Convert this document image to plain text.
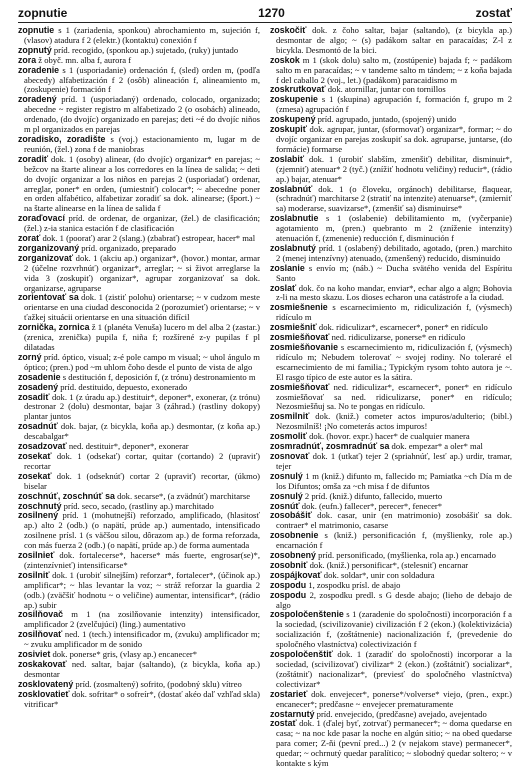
zopnutie	1270	zostať

zopnutie s 1 (zariadenia, sponkou) abrochamiento m, sujeción f, (vlasov) atadura f 2 (elektr.) (kontaktu) conexión f

zopnutý príd. recogido, (sponkou ap.) sujetado, (ruky) juntado

zora ž obyč. mn. alba f, aurora f

zoradenie s 1 (usporiadanie) ordenación f, (sled) orden m, (podľa abecedy) alfabetización f 2 (osôb) alineación f, alineamiento m, (zoskupenie) formación f

zoradený príd. 1 (usporiadaný) ordenado, colocado, organizado; abecedne ~ register registro m alfabetizado 2 (o osobách) alineado, ordenado, (do dvojíc) organizado en parejas; deti ~é do dvojíc niños m pl organizados en parejas

zoradisko, zoradište s (voj.) estacionamiento m, lugar m de reunión, (žel.) zona f de maniobras

zoradiť dok. 1 (osoby) alinear, (do dvojíc) organizar* en parejas; ~ bežcov na štarte alinear a los corredores en la línea de salida; ~ deti do dvojíc organizar a los niños en parejas 2 (usporiadať) ordenar, arreglar, poner* en orden, (umiestniť) colocar*; ~ abecedne poner en orden alfabético, alfabetizar zoradiť sa dok. alinearse; (šport.) ~ na štarte alinearse en la línea de salida f

zoraďovací príd. de ordenar, de organizar, (žel.) de clasificación; (žel.) z-ia stanica estación f de clasificación

zorať dok. 1 (poorať) arar 2 (slang.) (zbabrať) estropear, hacer* mal

zorganizovaný príd. organizado, preparado

zorganizovať dok. 1 (akciu ap.) organizar*, (hovor.) montar, armar 2 (účelne rozvrhnúť) organizar*, arreglar; ~ si život arreglarse la vida 3 (zoskupiť) organizar*, agrupar zorganizovať sa dok. organizarse, agruparse

zorientovať sa dok. 1 (zistiť polohu) orientarse; ~ v cudzom meste orientarse en una ciudad desconocida 2 (porozumieť) orientarse; ~ v ťažkej situácii orientarse en una situación difícil

zornička, zornica ž 1 (planéta Venuša) lucero m del alba 2 (zastar.) (zrenica, zrenička) pupila f, niña f; rozšírené z-y pupilas f pl dilatadas

zorný príd. óptico, visual; z-é pole campo m visual; ~ uhol ángulo m óptico; (pren.) pod ~m uhlom čoho desde el punto de vista de algo

zosadenie s destitución f, deposición f, (z trónu) destronamiento m

zosadený príd. destituido, depuesto, exonerado

zosadiť dok. 1 (z úradu ap.) destituir*, deponer*, exonerar, (z trónu) destronar 2 (dolu) desmontar, bajar 3 (záhrad.) (rastliny dokopy) plantar juntos

zosadnúť dok. bajar, (z bicykla, koňa ap.) desmontar, (z koňa ap.) descabalgar*

zosadzovať ned. destituir*, deponer*, exonerar

zosekať dok. 1 (odsekať) cortar, quitar (cortando) 2 (upraviť) recortar

zosekať dok. 1 (odseknúť) cortar 2 (upraviť) recortar, (úkmo) biselar

zoschnúť, zoschnúť sa dok. secarse*, (a zvädnúť) marchitarse

zoschnutý príd. seco, secado, (rastliny ap.) marchitado

zosilnený príd. 1 (mohutnejší) reforzado, amplificado, (hlasitosť ap.) alto 2 (odb.) (o napätí, prúde ap.) aumentado, intensificado zosilnene prísl. 1 (s väčšou silou, dôrazom ap.) de forma reforzada, con más fuerza 2 (odb.) (o napätí, prúde ap.) de forma aumentada

zosilnieť dok. fortalecerse*, hacerse* más fuerte, engrosar(se)*, (zintenzívnieť) intensificarse*

zosilniť dok. 1 (urobiť silnejším) reforzar*, fortalecer*, (účinok ap.) amplificar*; ~ hlas levantar la voz; ~ stráž reforzar la guardia 2 (odb.) (zväčšiť hodnotu ~ o veličine) aumentar, intensificar*, (rádio ap.) subir

zosilňovač m 1 (na zosilňovanie intenzity) intensificador, amplificador 2 (zvelčujúci) (ling.) aumentativo

zosilňovať ned. 1 (tech.) intensificador m, (zvuku) amplificador m; ~ zvuku amplificador m de sonido

zosiviet dok. ponerse* gris, (vlasy ap.) encanecer*

zoskakovať ned. saltar, bajar (saltando), (z bicykla, koňa ap.) desmontar

zosklovatený príd. (zosmaltený) sofrito, (podobný sklu) vítreo

zosklovatieť dok. sofritar* o sofreír*, (dostať akéo daľ vzhľad skla) vitrificar*

zoskočiť dok. z čoho saltar, bajar (saltando), (z bicykla ap.) desmontar de algo; ~ (s) padákom saltar en paracaídas; Z-l z bicykla. Desmontó de la bici.

zoskok m 1 (skok dolu) salto m, (zostúpenie) bajada f; ~ padákom salto m en paracaídas; ~ v tandeme salto m tándem; ~ z koňa bajada f del caballo 2 (voj., let.) (padákom) paracaidismo m

zoskrutkovať dok. atornillar, juntar con tornillos

zoskupenie s 1 (skupina) agrupación f, formación f, grupo m 2 (zmesa) agrupación f

zoskupený príd. agrupado, juntado, (spojený) unido

zoskupiť dok. agrupar, juntar, (sformovať) organizar*, formar; ~ do dvojíc organizar en parejas zoskupiť sa dok. agruparse, juntarse, (do formácie) formarse

zoslabiť dok. 1 (urobiť slabším, zmenšiť) debilitar, disminuir*, (zjemniť) atenuar* 2 (tyč.) (znížiť hodnotu veličiny) reducir*, (rádio ap.) bajar, atenuar*

zoslabnúť dok. 1 (o človeku, orgánoch) debilitarse, flaquear, (schradnúť) marchitarse 2 (stratiť na intenzite) atenuarse*, (zmierniť sa) moderarse, suavizarse*, (zmenšiť sa) disminuirse*

zoslabnutie s 1 (oslabenie) debilitamiento m, (vyčerpanie) agotamiento m, (pren.) quebranto m 2 (zníženie intenzity) atenuación f, (zmenenie) reducción f, disminución f

zoslabnutý príd. 1 (oslabený) debilitado, agotado, (pren.) marchito 2 (menej intenzívny) atenuado, (zmenšený) reducido, disminuido

zoslanie s envío m; (náb.) ~ Ducha svätého venida del Espíritu Santo

zoslať dok. čo na koho mandar, enviar*, echar algo a algn; Bohovia z-li na mesto skazu. Los dioses echaron una catástrofe a la ciudad.

zosmiešnenie s escarnecimiento m, ridiculización f, (výsmech) ridículo m

zosmiešniť dok. ridiculizar*, escarnecer*, poner* en ridículo

zosmiešňovať ned. ridiculizarse, ponerse* en ridículo

zosmiešňovanie s escarnecimiento m, ridiculización f, (výsmech) ridículo m; Nebudem tolerovať ~ svojej rodiny. No toleraré el escarnecimiento de mi familia.; Typickým rysom tohto autora je ~. El rasgo típico de este autor es la sátira.

zosmiešňovať ned. ridiculizar*, escarnecer*, poner* en ridículo zosmiešňovať sa ned. ridiculizarse, poner* en ridículo; Nezosmiešňuj sa. No te pongas en ridículo.

zosmilniť dok. (kniž.) cometer actos impuros/adulterio; (bibl.) Nezosmilníš! ¡No cometerás actos impuros!

zosmoliť dok. (hovor. expr.) hacer* de cualquier manera

zosmradnúť, zosmradnúť sa dok. empezar* a oler* mal

zosnovať dok. 1 (utkať) tejer 2 (spriahnúť, lesť ap.) urdir, tramar, tejer

zosnulý 1 m (kniž.) difunto m, fallecido m; Pamiatka ~ch Día m de los Difuntos; omša za ~ch misa f de difuntos

zosnulý 2 príd. (kniž.) difunto, fallecido, muerto

zosnúť dok. (eufn.) fallecer*, perecer*, fenecer*

zosobášiť dok. casar, unir (en matrimonio) zosobášiť sa dok. contraer* el matrimonio, casarse

zosobnenie s (kniž.) personificación f, (myšlienky, role ap.) encarnación f

zosobnený príd. personificado, (myšlienka, rola ap.) encarnado

zosobniť dok. (kniž.) personificar*, (stelesniť) encarnar

zospájkovať dok. soldar*, unir con soldadura

zospodu 1, zospodku prísl. de abajo

zospodu 2, zospodku predl. s G desde abajo; (lieho de debajo de algo

zospoločenštenie s 1 (zaradenie do spoločnosti) incorporación f a la sociedad, (scivilizovanie) civilización f 2 (ekon.) (kolektivizácia) socialización f, (zoštátnenie) nacionalización f, (prevedenie do spoločného vlastníctva) colectivización f

zospoločenštiť dok. 1 (zaradiť do spoločnosti) incorporar a la sociedad, (scivilizovať) civilizar* 2 (ekon.) (zoštátniť) socializar*, (zoštátniť) nacionalizar*, (previesť do spoločného vlastníctva) colectivizar*

zostarieť dok. envejecer*, ponerse*/volverse* viejo, (pren., expr.) encanecer*; predčasne ~ envejecer prematuramente

zostarnutý príd. envejecido, (predčasne) avejado, avejentado

zostať dok. 1 (ďalej byť, zotrvať) permanecer*; ~ doma quedarse en casa; ~ na noc kde pasar la noche en algún sitio; ~ na obed quedarse para comer; Z-ňi (pevní pred...) 2 (v nejakom stave) permanecer*, quedar; ~ ochrnutý quedar paralítico; ~ slobodný quedar soltero; ~ v kontakte s kým
